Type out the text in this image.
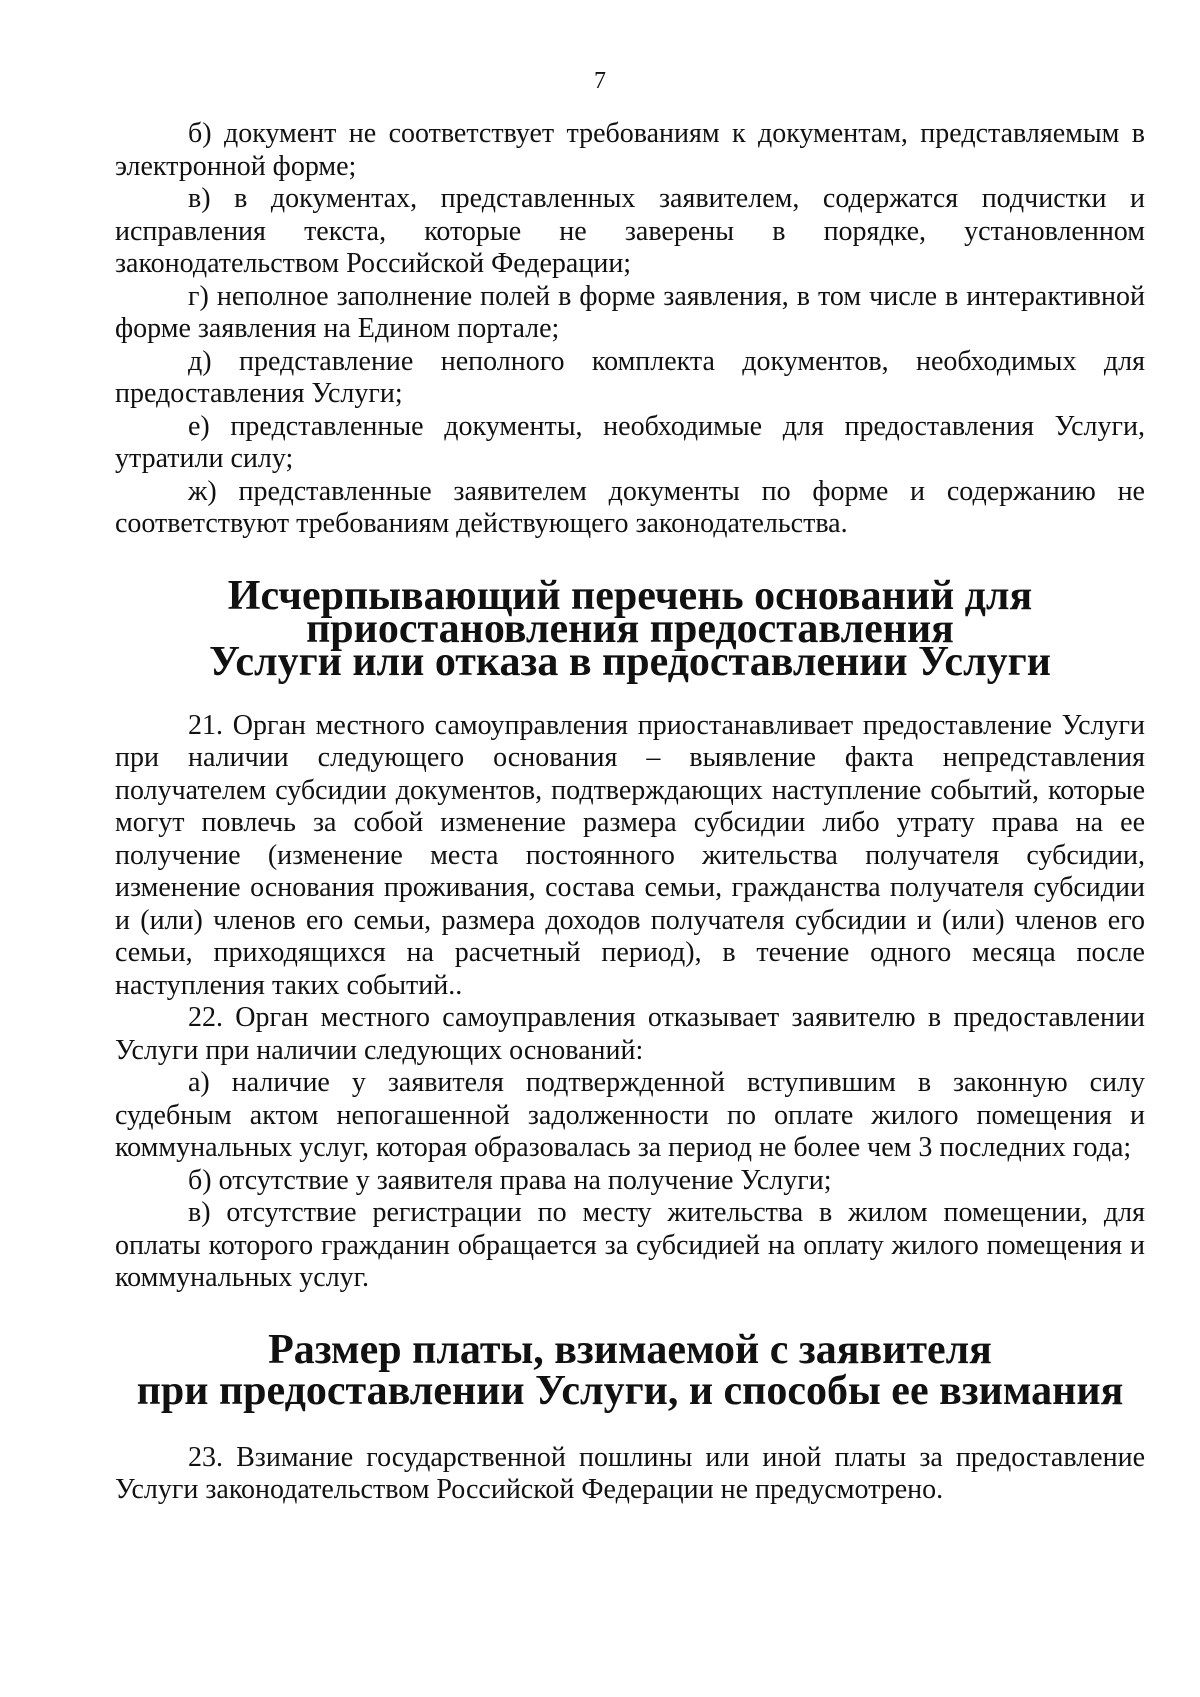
7

б) документ не соответствует требованиям к документам, представляемым в электронной форме;

в) в документах, представленных заявителем, содержатся подчистки и исправления текста, которые не заверены в порядке, установленном законодательством Российской Федерации;

г) неполное заполнение полей в форме заявления, в том числе в интерактивной форме заявления на Едином портале;

д) представление неполного комплекта документов, необходимых для предоставления Услуги;

е) представленные документы, необходимые для предоставления Услуги, утратили силу;

ж) представленные заявителем документы по форме и содержанию не соответствуют требованиям действующего законодательства.

Исчерпывающий перечень оснований для приостановления предоставления
Услуги или отказа в предоставлении Услуги

21. Орган местного самоуправления приостанавливает предоставление Услуги при наличии следующего основания – выявление факта непредставления получателем субсидии документов, подтверждающих наступление событий, которые могут повлечь за собой изменение размера субсидии либо утрату права на ее получение (изменение места постоянного жительства получателя субсидии, изменение основания проживания, состава семьи, гражданства получателя субсидии и (или) членов его семьи, размера доходов получателя субсидии и (или) членов его семьи, приходящихся на расчетный период), в течение одного месяца после наступления таких событий..

22. Орган местного самоуправления отказывает заявителю в предоставлении Услуги при наличии следующих оснований:

а) наличие у заявителя подтвержденной вступившим в законную силу судебным актом непогашенной задолженности по оплате жилого помещения и коммунальных услуг, которая образовалась за период не более чем 3 последних года;

б) отсутствие у заявителя права на получение Услуги;

в) отсутствие регистрации по месту жительства в жилом помещении, для оплаты которого гражданин обращается за субсидией на оплату жилого помещения и коммунальных услуг.

Размер платы, взимаемой с заявителя
при предоставлении Услуги, и способы ее взимания

23. Взимание государственной пошлины или иной платы за предоставление Услуги законодательством Российской Федерации не предусмотрено.
